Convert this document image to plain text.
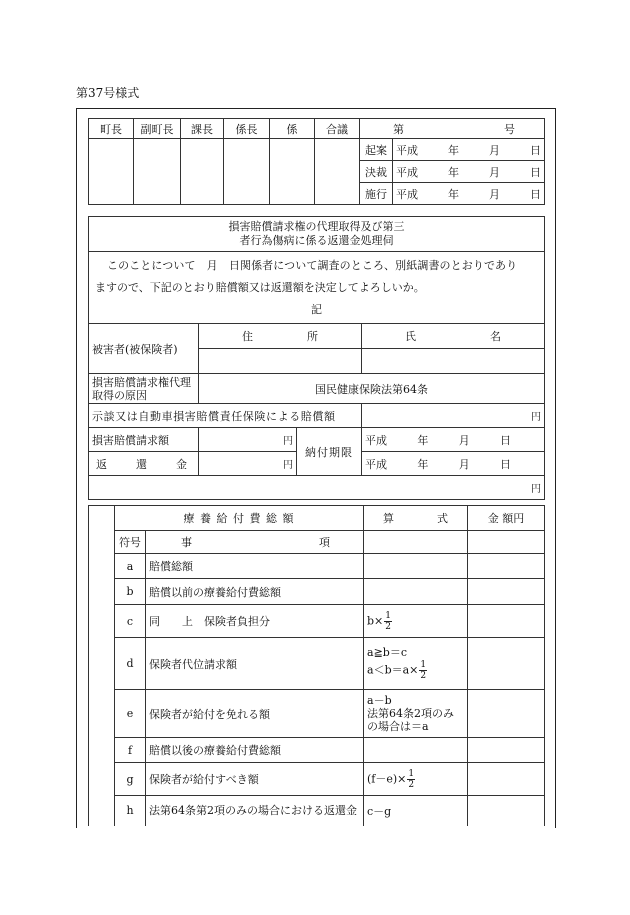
第37号様式
町長	副町長	課長	係長	係	合議	第 号	

						起案	平成 年 月 日

						決裁	平成 年 月 日

						施行	平成 年 月 日
損害賠償請求権の代理取得及び第三
者行為傷病に係る返還金処理伺			

このことについて　月　日関係者について調査のところ、別紙調書のとおりであり
ますので、下記のとおり賠償額又は返還額を決定してよろしいか。
記			

被害者(被保険者)	住 所		氏 名

損害賠償請求権代理取得の原因	国民健康保険法第64条		
示談又は自動車損害賠償責任保険による賠償額			円
損害賠償請求額	円	納付期限	平成 年 月 日

返 還 金	円		平成 年 月 日

円			
	療 養 給 付 費 総 額		算 式	金 額円
	符号	事 項		

	a	賠償総額		
	b	賠償以前の療養給付費総額		
	c	同　　上　保険者負担分	$b\times \frac{1}{2}$

	d	保険者代位請求額	a≧b＝c
$a<b=a\times \frac{1}{2}$

	e	保険者が給付を免れる額	a－b
法第64条2項のみ
の場合は＝a	

	f	賠償以後の療養給付費総額		
	g	保険者が給付すべき額	$(f-e)\times \frac{1}{2}$

	h	法第64条第2項のみの場合における返還金	c－g	
